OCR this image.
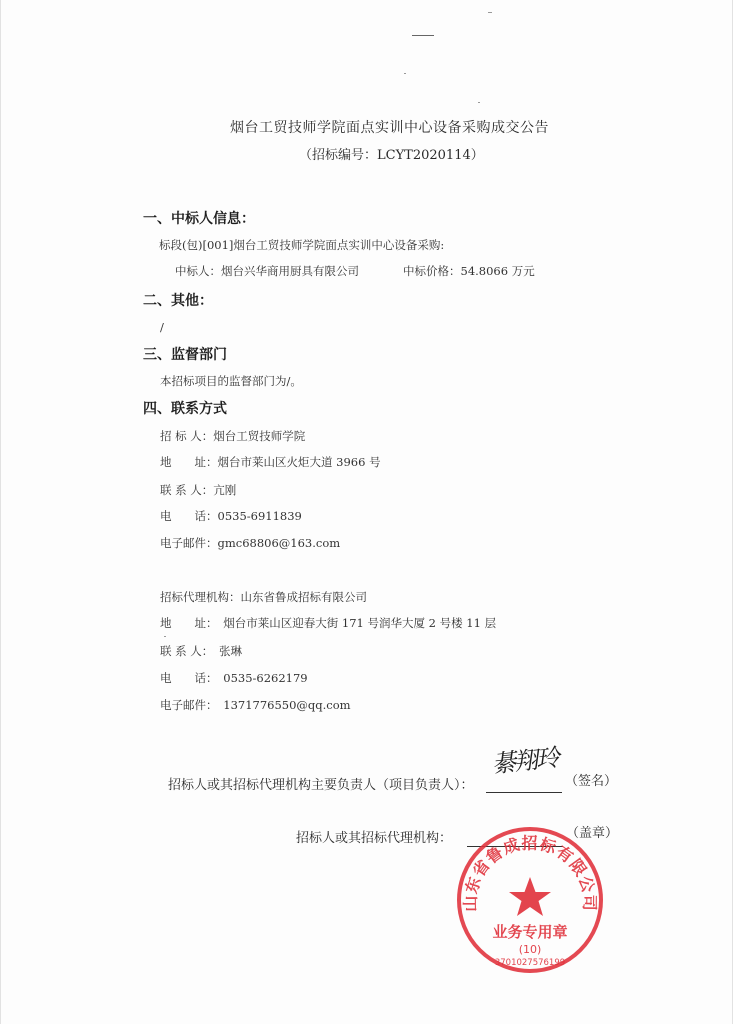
烟台工贸技师学院面点实训中心设备采购成交公告
（招标编号：LCYT2020114）
一、中标人信息：
标段(包)[001]烟台工贸技师学院面点实训中心设备采购:
中标人：烟台兴华商用厨具有限公司	中标价格：54.8066 万元
二、其他：
/
三、监督部门
本招标项目的监督部门为/。
四、联系方式
招 标 人：烟台工贸技师学院
地　　址：烟台市莱山区火炬大道 3966 号
联 系 人：亢刚
电　　话：0535-6911839
电子邮件：gmc68806@163.com
招标代理机构：山东省鲁成招标有限公司
地　　址：　烟台市莱山区迎春大街 171 号润华大厦 2 号楼 11 层
联 系 人：　张琳
电　　话：　0535-6262179
电子邮件：　1371776550@qq.com
招标人或其招标代理机构主要负责人（项目负责人）：
綦翔玲
（签名）
招标人或其招标代理机构：	（盖章）
山东省鲁成招标有限公司
业务专用章
(10)
3701027576199
